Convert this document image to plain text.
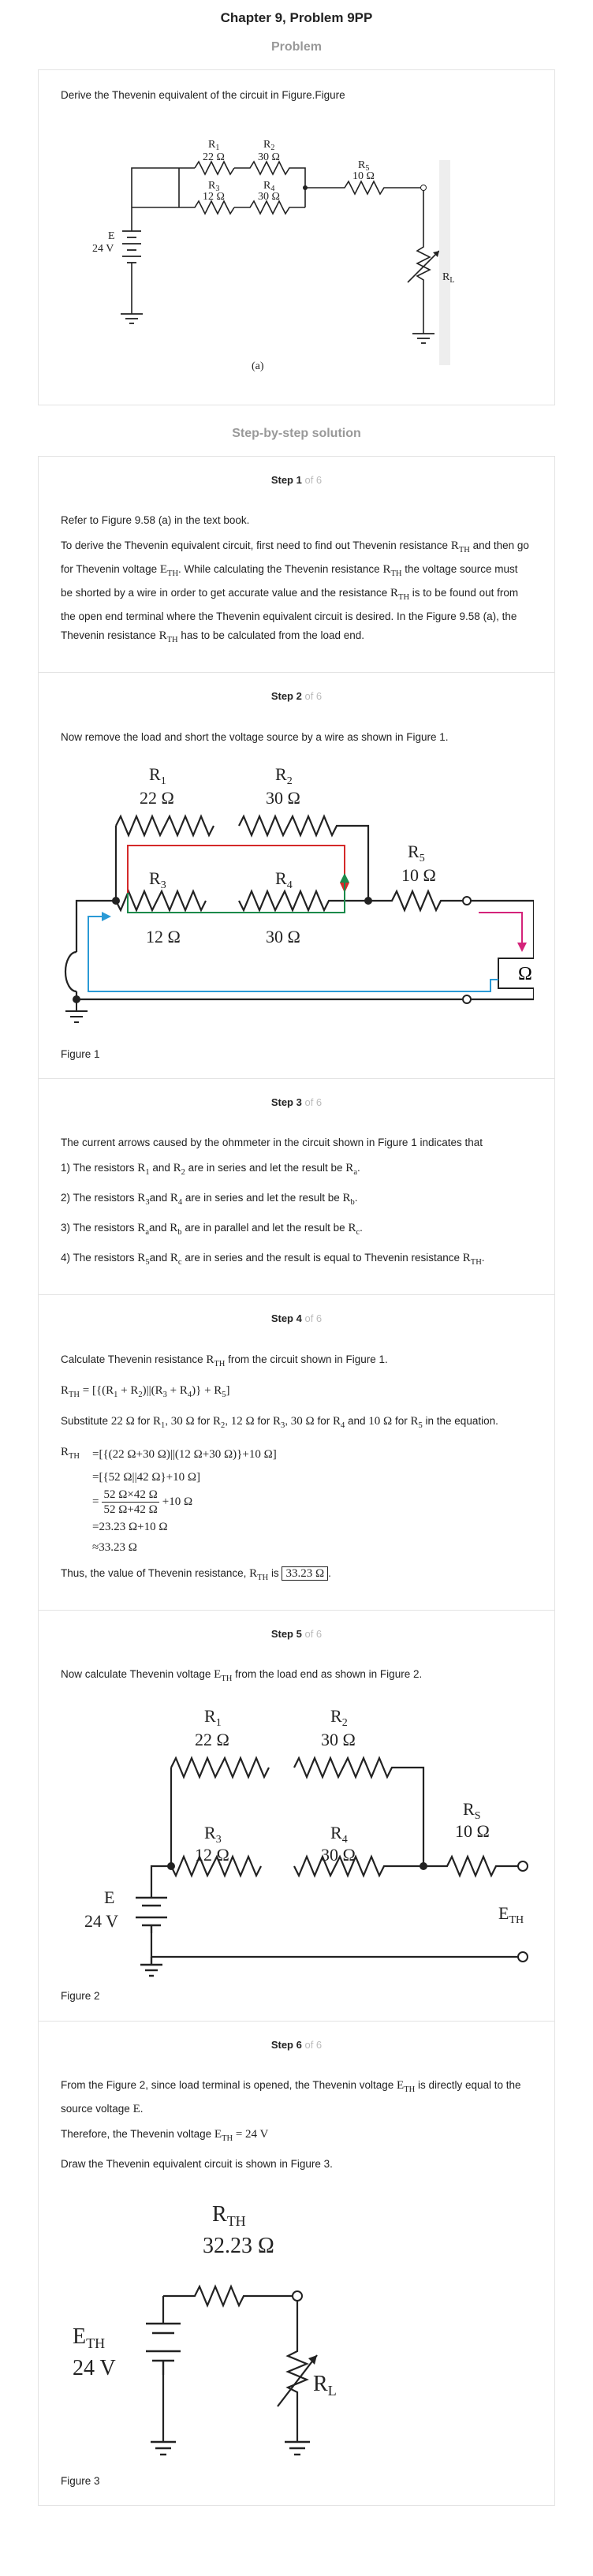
Chapter 9, Problem 9PP
Problem

Derive the Thevenin equivalent of the circuit in Figure.Figure

$R_1$
22 Ω
$R_2$
30 Ω
$R_3$
12 Ω
$R_4$
30 Ω
$R_5$
10 Ω
E
24 V
$R_L$
(a)
Step-by-step solution
Step 1 of 6

Refer to Figure 9.58 (a) in the text book.

To derive the Thevenin equivalent circuit, first need to find out Thevenin resistance $R_{TH}$ and then go for Thevenin voltage $E_{TH}$. While calculating the Thevenin resistance $R_{TH}$ the voltage source must be shorted by a wire in order to get accurate value and the resistance $R_{TH}$ is to be found out from the open end terminal where the Thevenin equivalent circuit is desired. In the Figure 9.58 (a), the Thevenin resistance $R_{TH}$ has to be calculated from the load end.

Step 2 of 6

Now remove the load and short the voltage source by a wire as shown in Figure 1.

Ω
$R_1$
22 Ω
$R_2$
30 Ω
$R_3$
12 Ω
$R_4$
30 Ω
$R_5$
10 Ω
Figure 1
Step 3 of 6

The current arrows caused by the ohmmeter in the circuit shown in Figure 1 indicates that

1) The resistors $R_1$ and $R_2$ are in series and let the result be $R_a$.

2) The resistors $R_3and$ $R_4$ are in series and let the result be $R_b$.

3) The resistors $R_aand$ $R_b$ are in parallel and let the result be $R_c$.

4) The resistors $R_5and$ $R_c$ are in series and the result is equal to Thevenin resistance $R_{TH}$.

Step 4 of 6

Calculate Thevenin resistance $R_{TH}$ from the circuit shown in Figure 1.

$R_{TH} = [\{(R_1 + R_2)||(R_3 + R_4)\} + R_5]$

Substitute 22 Ω for $R_1$, 30 Ω for $R_2$, 12 Ω for $R_3$, 30 Ω for $R_4$ and 10 Ω for $R_5$ in the equation.

$R_{TH}$	= [{(22 Ω+30 Ω)||(12 Ω+30 Ω)}+10 Ω]
= [{52 Ω||42 Ω}+10 Ω]
= $\frac{52 \Omega\times 42 \Omega}{52 \Omega+42 \Omega} +10$ Ω
= 23.23 Ω+10 Ω
≈ 33.23 Ω

Thus, the value of Thevenin resistance, $R_{TH}$ is 33.23 Ω .

Step 5 of 6

Now calculate Thevenin voltage $E_{TH}$ from the load end as shown in Figure 2.

$R_1$
22 Ω
$R_2$
30 Ω
$R_3$
12 Ω
$R_4$
30 Ω
$R_S$
10 Ω
E
24 V	$E_{TH}$
Figure 2
Step 6 of 6

From the Figure 2, since load terminal is opened, the Thevenin voltage $E_{TH}$ is directly equal to the source voltage E.

Therefore, the Thevenin voltage $E_{TH} = 24$ V

Draw the Thevenin equivalent circuit is shown in Figure 3.

$R_{TH}$
32.23 Ω
$E_{TH}$
24 V
$R_L$
Figure 3
